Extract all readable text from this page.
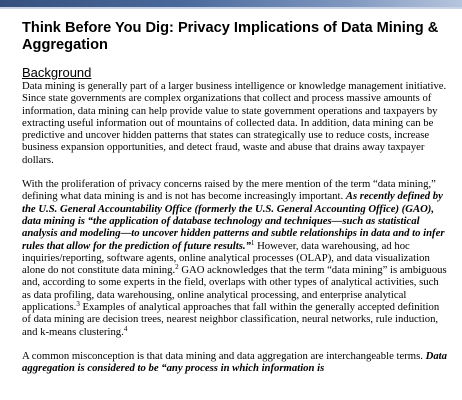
Think Before You Dig: Privacy Implications of Data Mining & Aggregation
Background

Data mining is generally part of a larger business intelligence or knowledge management initiative. Since state governments are complex organizations that collect and process massive amounts of information, data mining can help provide value to state government operations and taxpayers by extracting useful information out of mountains of collected data. In addition, data mining can be predictive and uncover hidden patterns that states can strategically use to reduce costs, increase business expansion opportunities, and detect fraud, waste and abuse that drains away taxpayer dollars.

With the proliferation of privacy concerns raised by the mere mention of the term “data mining,” defining what data mining is and is not has become increasingly important. As recently defined by the U.S. General Accountability Office (formerly the U.S. General Accounting Office) (GAO), data mining is “the application of database technology and techniques—such as statistical analysis and modeling—to uncover hidden patterns and subtle relationships in data and to infer rules that allow for the prediction of future results.”$^1$ However, data warehousing, ad hoc inquiries/reporting, software agents, online analytical processes (OLAP), and data visualization alone do not constitute data mining.$^2$ GAO acknowledges that the term “data mining” is ambiguous and, according to some experts in the field, overlaps with other types of analytical activities, such as data profiling, data warehousing, online analytical processing, and enterprise analytical applications.$^3$ Examples of analytical approaches that fall within the generally accepted definition of data mining are decision trees, nearest neighbor classification, neural networks, rule induction, and k-means clustering.$^4$

A common misconception is that data mining and data aggregation are interchangeable terms. Data aggregation is considered to be “any process in which information is
